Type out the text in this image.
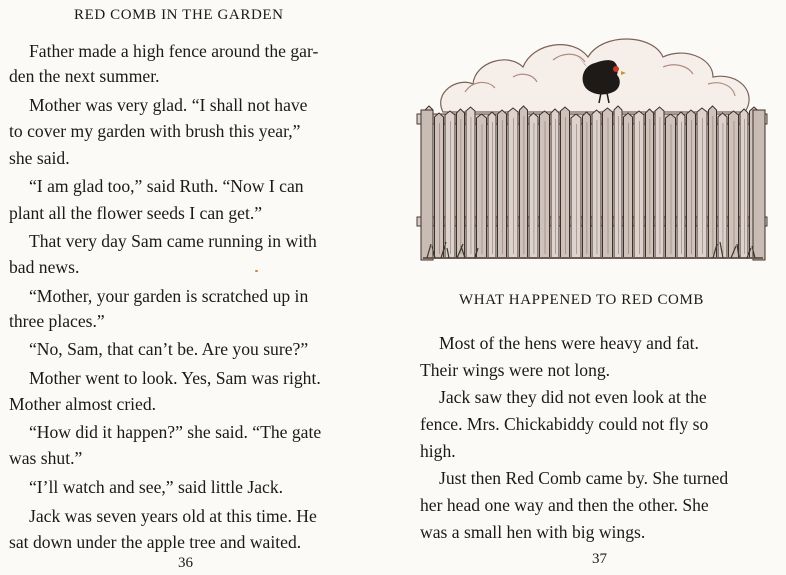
RED COMB IN THE GARDEN
Father made a high fence around the gar-
den the next summer.
Mother was very glad. “I shall not have
to cover my garden with brush this year,”
she said.
“I am glad too,” said Ruth. “Now I can
plant all the flower seeds I can get.”
That very day Sam came running in with
bad news.
“Mother, your garden is scratched up in
three places.”
“No, Sam, that can’t be. Are you sure?”
Mother went to look. Yes, Sam was right.
Mother almost cried.
“How did it happen?” she said. “The gate
was shut.”
“I’ll watch and see,” said little Jack.
Jack was seven years old at this time. He
sat down under the apple tree and waited.
36
WHAT HAPPENED TO RED COMB
Most of the hens were heavy and fat.
Their wings were not long.
Jack saw they did not even look at the
fence. Mrs. Chickabiddy could not fly so
high.
Just then Red Comb came by. She turned
her head one way and then the other. She
was a small hen with big wings.
37
